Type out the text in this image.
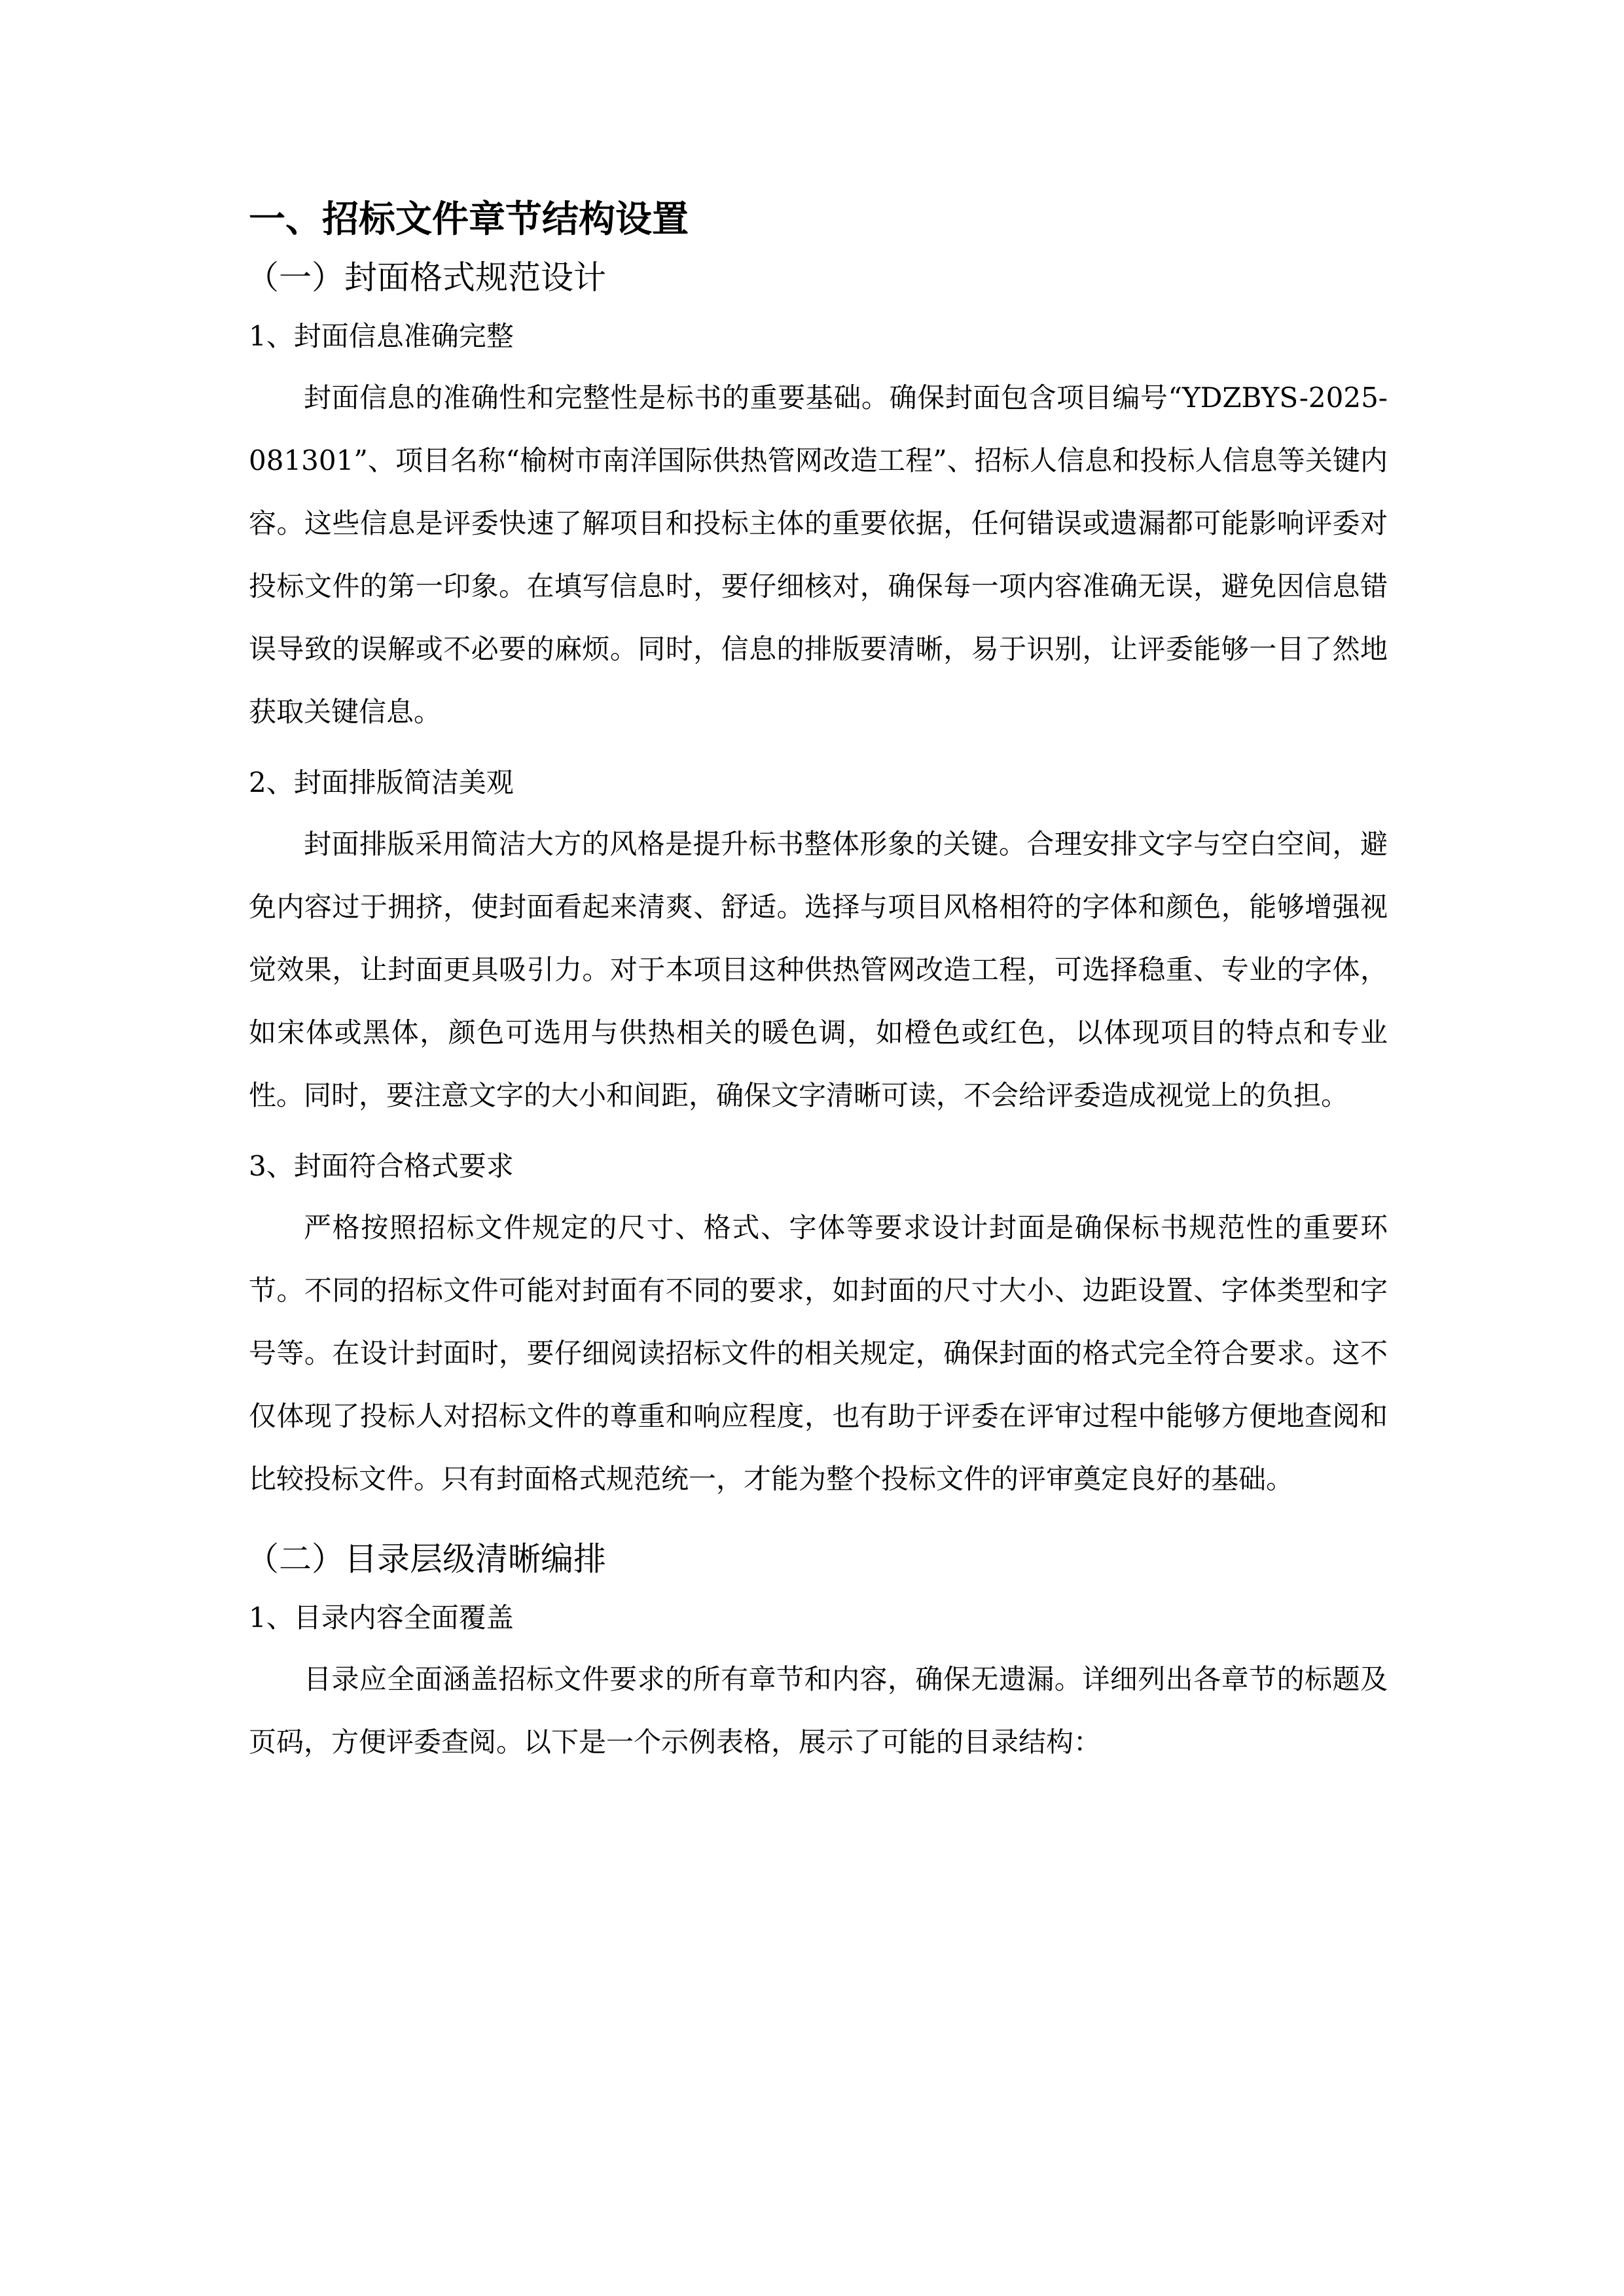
一、招标文件章节结构设置
（一）封面格式规范设计
1、封面信息准确完整
封面信息的准确性和完整性是标书的重要基础。确保封面包含项目编号“YDZBYS-2025-081301”、项目名称“榆树市南洋国际供热管网改造工程”、招标人信息和投标人信息等关键内容。这些信息是评委快速了解项目和投标主体的重要依据，任何错误或遗漏都可能影响评委对投标文件的第一印象。在填写信息时，要仔细核对，确保每一项内容准确无误，避免因信息错误导致的误解或不必要的麻烦。同时，信息的排版要清晰，易于识别，让评委能够一目了然地获取关键信息。
2、封面排版简洁美观
封面排版采用简洁大方的风格是提升标书整体形象的关键。合理安排文字与空白空间，避免内容过于拥挤，使封面看起来清爽、舒适。选择与项目风格相符的字体和颜色，能够增强视觉效果，让封面更具吸引力。对于本项目这种供热管网改造工程，可选择稳重、专业的字体，如宋体或黑体，颜色可选用与供热相关的暖色调，如橙色或红色，以体现项目的特点和专业性。同时，要注意文字的大小和间距，确保文字清晰可读，不会给评委造成视觉上的负担。
3、封面符合格式要求
严格按照招标文件规定的尺寸、格式、字体等要求设计封面是确保标书规范性的重要环节。不同的招标文件可能对封面有不同的要求，如封面的尺寸大小、边距设置、字体类型和字号等。在设计封面时，要仔细阅读招标文件的相关规定，确保封面的格式完全符合要求。这不仅体现了投标人对招标文件的尊重和响应程度，也有助于评委在评审过程中能够方便地查阅和比较投标文件。只有封面格式规范统一，才能为整个投标文件的评审奠定良好的基础。
（二）目录层级清晰编排
1、目录内容全面覆盖
目录应全面涵盖招标文件要求的所有章节和内容，确保无遗漏。详细列出各章节的标题及页码，方便评委查阅。以下是一个示例表格，展示了可能的目录结构：
